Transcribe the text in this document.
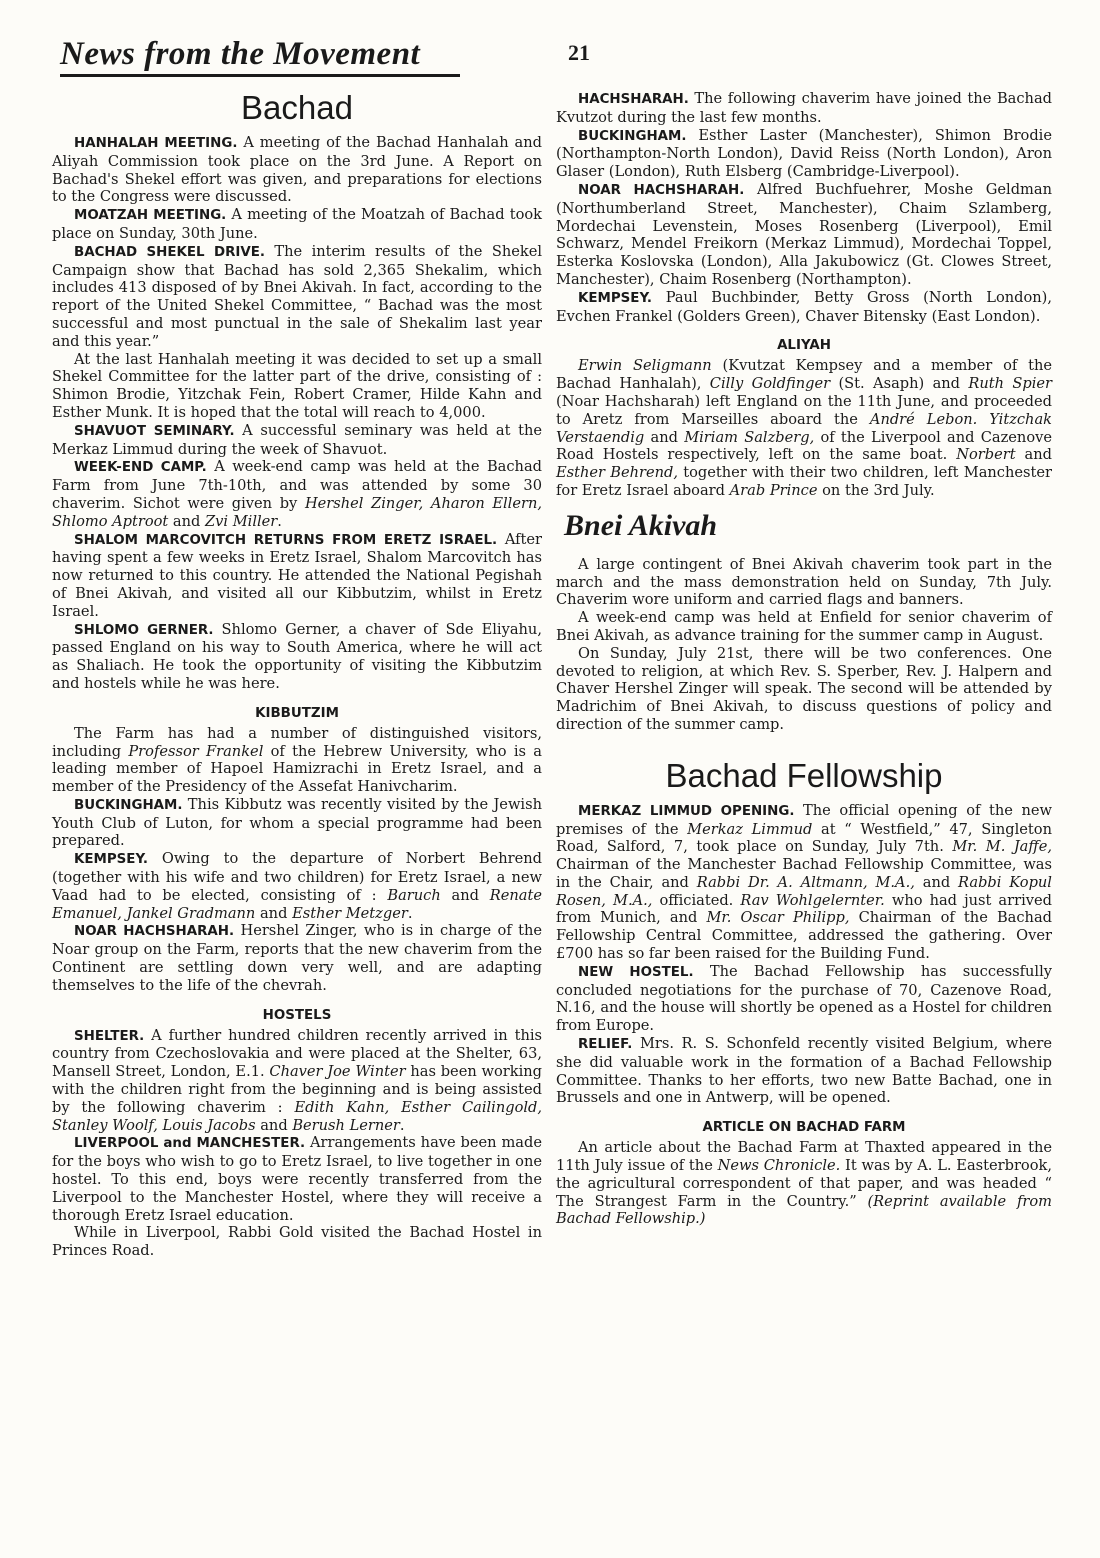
News from the Movement	21
Bachad

HANHALAH MEETING. A meeting of the Bachad Hanhalah and Aliyah Commission took place on the 3rd June. A Report on Bachad's Shekel effort was given, and preparations for elections to the Congress were discussed.

MOATZAH MEETING. A meeting of the Moatzah of Bachad took place on Sunday, 30th June.

BACHAD SHEKEL DRIVE. The interim results of the Shekel Campaign show that Bachad has sold 2,365 Shekalim, which includes 413 disposed of by Bnei Akivah. In fact, according to the report of the United Shekel Committee, “ Bachad was the most successful and most punctual in the sale of Shekalim last year and this year.”

At the last Hanhalah meeting it was decided to set up a small Shekel Committee for the latter part of the drive, consisting of : Shimon Brodie, Yitzchak Fein, Robert Cramer, Hilde Kahn and Esther Munk. It is hoped that the total will reach to 4,000.

SHAVUOT SEMINARY. A successful seminary was held at the Merkaz Limmud during the week of Shavuot.

WEEK-END CAMP. A week-end camp was held at the Bachad Farm from June 7th-10th, and was attended by some 30 chaverim. Sichot were given by Hershel Zinger, Aharon Ellern, Shlomo Aptroot and Zvi Miller.

SHALOM MARCOVITCH RETURNS FROM ERETZ ISRAEL. After having spent a few weeks in Eretz Israel, Shalom Marcovitch has now returned to this country. He attended the National Pegishah of Bnei Akivah, and visited all our Kibbutzim, whilst in Eretz Israel.

SHLOMO GERNER. Shlomo Gerner, a chaver of Sde Eliyahu, passed England on his way to South America, where he will act as Shaliach. He took the opportunity of visiting the Kibbutzim and hostels while he was here.

KIBBUTZIM

The Farm has had a number of distinguished visitors, including Professor Frankel of the Hebrew University, who is a leading member of Hapoel Hamizrachi in Eretz Israel, and a member of the Presidency of the Assefat Hanivcharim.

BUCKINGHAM. This Kibbutz was recently visited by the Jewish Youth Club of Luton, for whom a special programme had been prepared.

KEMPSEY. Owing to the departure of Norbert Behrend (together with his wife and two children) for Eretz Israel, a new Vaad had to be elected, consisting of : Baruch and Renate Emanuel, Jankel Gradmann and Esther Metzger.

NOAR HACHSHARAH. Hershel Zinger, who is in charge of the Noar group on the Farm, reports that the new chaverim from the Continent are settling down very well, and are adapting themselves to the life of the chevrah.

HOSTELS

SHELTER. A further hundred children recently arrived in this country from Czechoslovakia and were placed at the Shelter, 63, Mansell Street, London, E.1. Chaver Joe Winter has been working with the children right from the beginning and is being assisted by the following chaverim : Edith Kahn, Esther Cailingold, Stanley Woolf, Louis Jacobs and Berush Lerner.

LIVERPOOL and MANCHESTER. Arrangements have been made for the boys who wish to go to Eretz Israel, to live together in one hostel. To this end, boys were recently transferred from the Liverpool to the Manchester Hostel, where they will receive a thorough Eretz Israel education.

While in Liverpool, Rabbi Gold visited the Bachad Hostel in Princes Road.

HACHSHARAH. The following chaverim have joined the Bachad Kvutzot during the last few months.

BUCKINGHAM. Esther Laster (Manchester), Shimon Brodie (Northampton-North London), David Reiss (North London), Aron Glaser (London), Ruth Elsberg (Cambridge-Liverpool).

NOAR HACHSHARAH. Alfred Buchfuehrer, Moshe Geldman (Northumberland Street, Manchester), Chaim Szlamberg, Mordechai Levenstein, Moses Rosenberg (Liverpool), Emil Schwarz, Mendel Freikorn (Merkaz Limmud), Mordechai Toppel, Esterka Koslovska (London), Alla Jakubowicz (Gt. Clowes Street, Manchester), Chaim Rosenberg (Northampton).

KEMPSEY. Paul Buchbinder, Betty Gross (North London), Evchen Frankel (Golders Green), Chaver Bitensky (East London).

ALIYAH

Erwin Seligmann (Kvutzat Kempsey and a member of the Bachad Hanhalah), Cilly Goldfinger (St. Asaph) and Ruth Spier (Noar Hachsharah) left England on the 11th June, and proceeded to Aretz from Marseilles aboard the André Lebon. Yitzchak Verstaendig and Miriam Salzberg, of the Liverpool and Cazenove Road Hostels respectively, left on the same boat. Norbert and Esther Behrend, together with their two children, left Manchester for Eretz Israel aboard Arab Prince on the 3rd July.

Bnei Akivah

A large contingent of Bnei Akivah chaverim took part in the march and the mass demonstration held on Sunday, 7th July. Chaverim wore uniform and carried flags and banners.

A week-end camp was held at Enfield for senior chaverim of Bnei Akivah, as advance training for the summer camp in August.

On Sunday, July 21st, there will be two conferences. One devoted to religion, at which Rev. S. Sperber, Rev. J. Halpern and Chaver Hershel Zinger will speak. The second will be attended by Madrichim of Bnei Akivah, to discuss questions of policy and direction of the summer camp.

Bachad Fellowship

MERKAZ LIMMUD OPENING. The official opening of the new premises of the Merkaz Limmud at “ Westfield,” 47, Singleton Road, Salford, 7, took place on Sunday, July 7th. Mr. M. Jaffe, Chairman of the Manchester Bachad Fellowship Committee, was in the Chair, and Rabbi Dr. A. Altmann, M.A., and Rabbi Kopul Rosen, M.A., officiated. Rav Wohlgelernter. who had just arrived from Munich, and Mr. Oscar Philipp, Chairman of the Bachad Fellowship Central Committee, addressed the gathering. Over £700 has so far been raised for the Building Fund.

NEW HOSTEL. The Bachad Fellowship has successfully concluded negotiations for the purchase of 70, Cazenove Road, N.16, and the house will shortly be opened as a Hostel for children from Europe.

RELIEF. Mrs. R. S. Schonfeld recently visited Belgium, where she did valuable work in the formation of a Bachad Fellowship Committee. Thanks to her efforts, two new Batte Bachad, one in Brussels and one in Antwerp, will be opened.

ARTICLE ON BACHAD FARM

An article about the Bachad Farm at Thaxted appeared in the 11th July issue of the News Chronicle. It was by A. L. Easterbrook, the agricultural correspondent of that paper, and was headed “ The Strangest Farm in the Country.” (Reprint available from Bachad Fellowship.)
